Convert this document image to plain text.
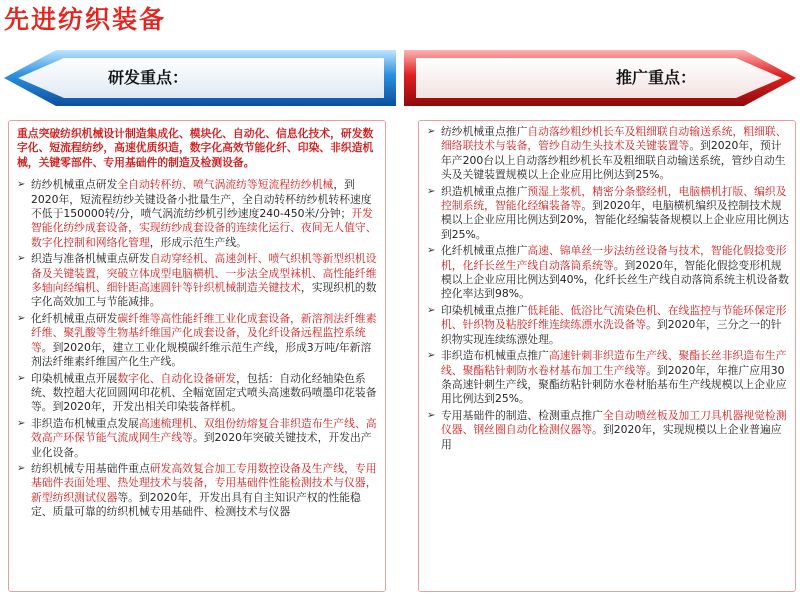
先进纺织装备
研发重点：	推广重点：
重点突破纺织机械设计制造集成化、模块化、自动化、信息化技术，研发数字化、短流程纺纱，高速优质织造，数字化高效节能化纤、印染、非织造机械，关键零部件、专用基础件的制造及检测设备。
➢ 纺纱机械重点研发全自动转杯纺、喷气涡流纺等短流程纺纱机械，到2020年，短流程纺纱关键设备小批量生产，全自动转杯纺纱机转杯速度不低于150000转/分，喷气涡流纺纱机引纱速度240-450米/分钟；开发智能化纺纱成套设备，实现纺纱成套设备的连续化运行、夜间无人值守、数字化控制和网络化管理，形成示范生产线。
➢ 织造与准备机械重点研发自动穿经机、高速剑杆、喷气织机等新型织机设备及关键装置，突破立体成型电脑横机、一步法全成型袜机、高性能纤维多轴向经编机、细针距高速圆针等针织机械制造关键技术，实现织机的数字化高效加工与节能减排。
➢ 化纤机械重点研发碳纤维等高性能纤维工业化成套设备，新溶剂法纤维素纤维、聚乳酸等生物基纤维国产化成套设备，及化纤设备远程监控系统等。到2020年，建立工业化规模碳纤维示范生产线，形成3万吨/年新溶剂法纤维素纤维国产化生产线。
➢ 印染机械重点开展数字化、自动化设备研发，包括：自动化经轴染色系统、数控超大花回圆网印花机、全幅宽固定式喷头高速数码喷墨印花装备等。到2020年，开发出相关印染装备样机。
➢ 非织造布机械重点发展高速梳理机、双组份纺熔复合非织造布生产线、高效高产环保节能气流成网生产线等。到2020年突破关键技术，开发出产业化设备。
➢ 纺织机械专用基础件重点研发高效复合加工专用数控设备及生产线，专用基础件表面处理、热处理技术与装备，专用基础件性能检测技术与仪器，新型纺织测试仪器等。到2020年，开发出具有自主知识产权的性能稳定、质量可靠的纺织机械专用基础件、检测技术与仪器
➢ 纺纱机械重点推广自动落纱粗纱机长车及粗细联自动输送系统，粗细联、细络联技术与装备，管纱自动生头技术及关键装置等。到2020年，预计年产200台以上自动落纱粗纱机长车及粗细联自动输送系统，管纱自动生头及关键装置规模以上企业应用比例达到25%。
➢ 织造机械重点推广预湿上浆机，精密分条整经机，电脑横机打版、编织及控制系统，智能化经编装备等。到2020年，电脑横机编织及控制技术规模以上企业应用比例达到20%，智能化经编装备规模以上企业应用比例达到25%。
➢ 化纤机械重点推广高速、锦单丝一步法纺丝设备与技术，智能化假捻变形机，化纤长丝生产线自动落筒系统等。到2020年，智能化假捻变形机规模以上企业应用比例达到40%，化纤长丝生产线自动落筒系统主机设备数控化率达到98%。
➢ 印染机械重点推广低耗能、低浴比气流染色机、在线监控与节能环保定形机、针织物及粘胶纤维连续练漂水洗设备等。到2020年，三分之一的针织物实现连续练漂处理。
➢ 非织造布机械重点推广高速针刺非织造布生产线、聚酯长丝非织造布生产线、聚酯粘针刺防水卷材基布加工生产线等。到2020年，年推广应用30条高速针刺生产线，聚酯纺粘针刺防水卷材胎基布生产线规模以上企业应用比例达到25%。
➢ 专用基础件的制造、检测重点推广全自动喷丝板及加工刀具机器视觉检测仪器、钢丝圈自动化检测仪器等。到2020年，实现规模以上企业普遍应用
